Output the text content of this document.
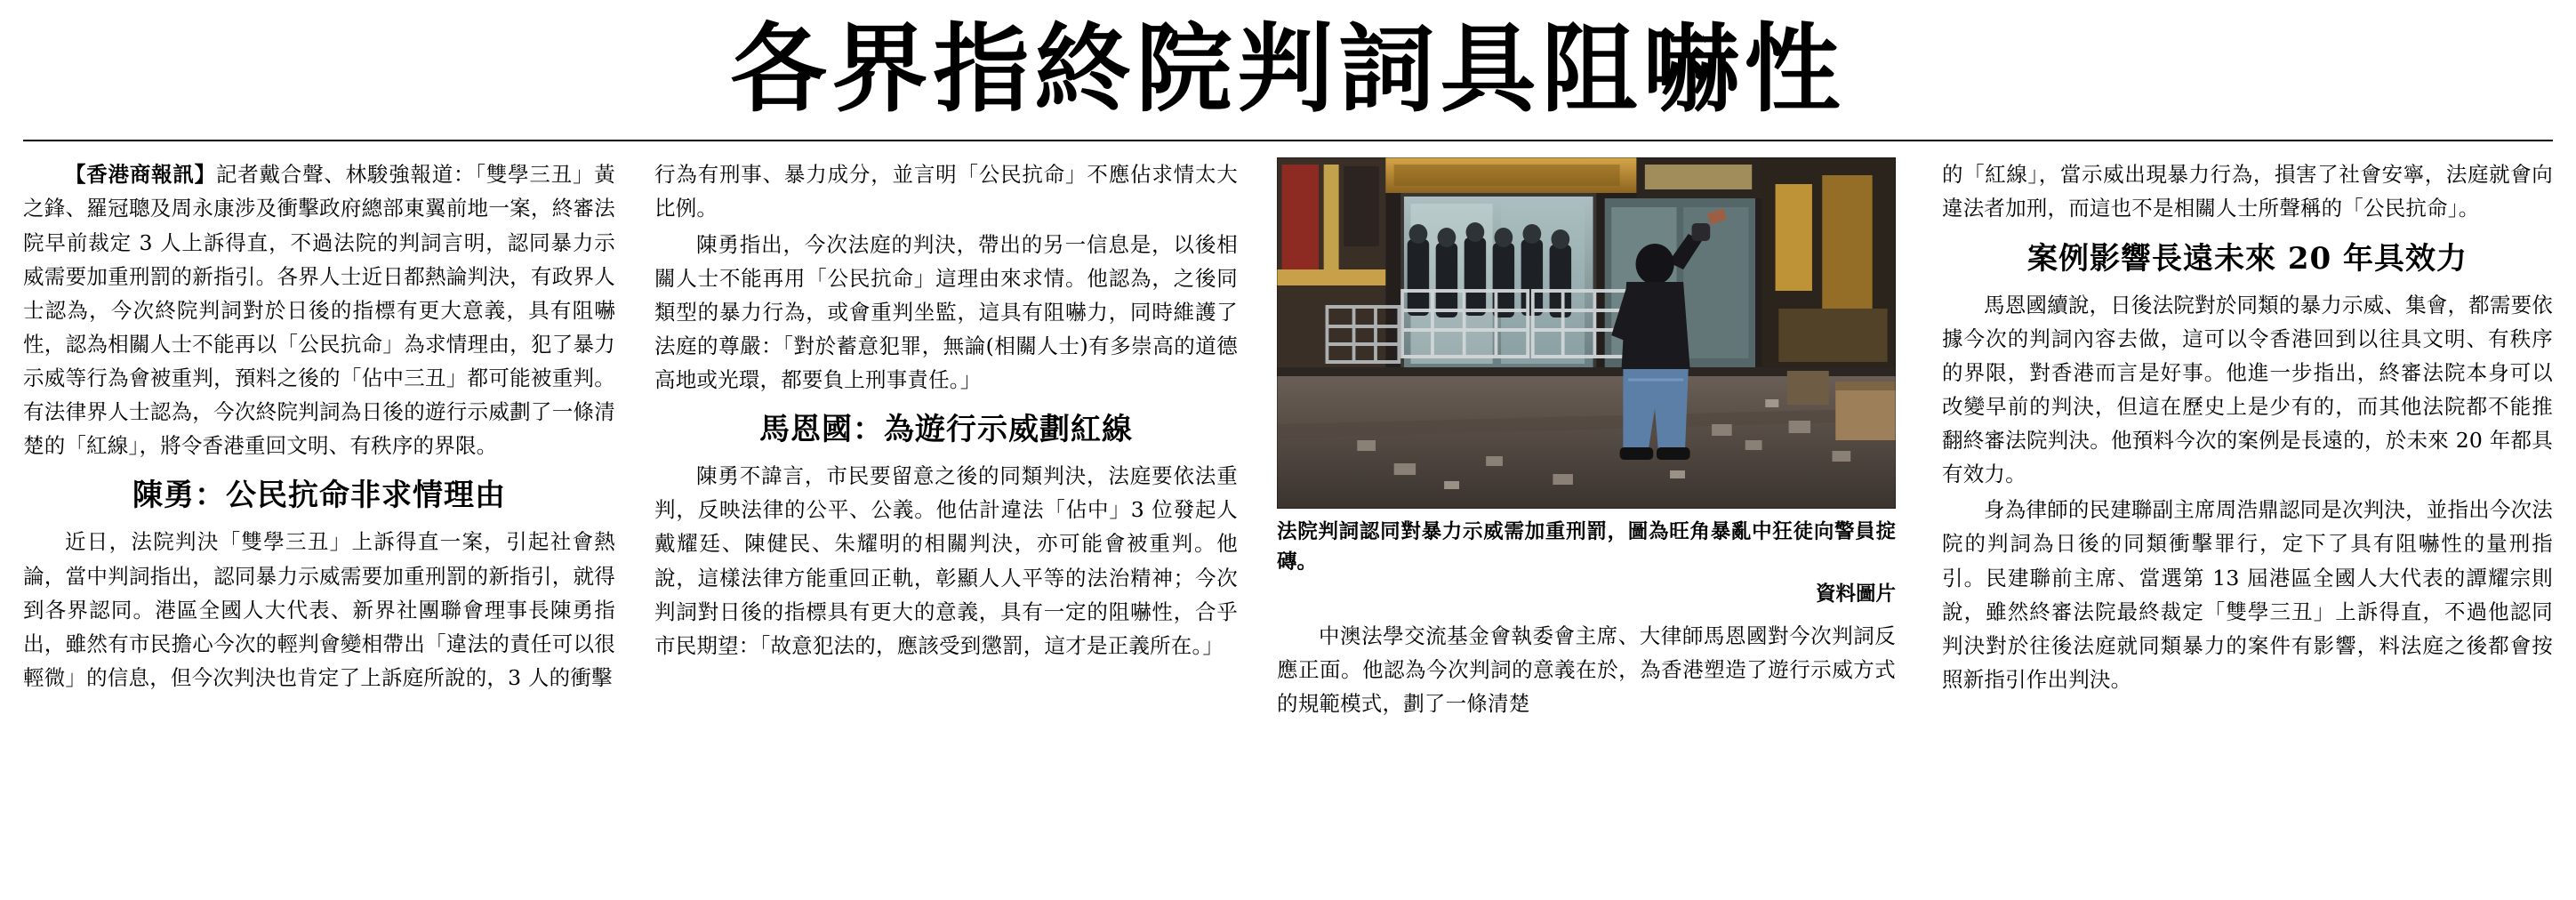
各界指終院判詞具阻嚇性

【香港商報訊】記者戴合聲、林駿強報道：「雙學三丑」黃之鋒、羅冠聰及周永康涉及衝擊政府總部東翼前地一案，終審法院早前裁定 3 人上訴得直，不過法院的判詞言明，認同暴力示威需要加重刑罰的新指引。各界人士近日都熱論判決，有政界人士認為，今次終院判詞對於日後的指標有更大意義，具有阻嚇性，認為相關人士不能再以「公民抗命」為求情理由，犯了暴力示威等行為會被重判，預料之後的「佔中三丑」都可能被重判。有法律界人士認為，今次終院判詞為日後的遊行示威劃了一條清楚的「紅線」，將令香港重回文明、有秩序的界限。

陳勇：公民抗命非求情理由

近日，法院判決「雙學三丑」上訴得直一案，引起社會熱論，當中判詞指出，認同暴力示威需要加重刑罰的新指引，就得到各界認同。港區全國人大代表、新界社團聯會理事長陳勇指出，雖然有市民擔心今次的輕判會變相帶出「違法的責任可以很輕微」的信息，但今次判決也肯定了上訴庭所說的，3 人的衝擊

行為有刑事、暴力成分，並言明「公民抗命」不應佔求情太大比例。

陳勇指出，今次法庭的判決，帶出的另一信息是，以後相關人士不能再用「公民抗命」這理由來求情。他認為，之後同類型的暴力行為，或會重判坐監，這具有阻嚇力，同時維護了法庭的尊嚴：「對於蓄意犯罪，無論(相關人士)有多崇高的道德高地或光環，都要負上刑事責任。」

馬恩國：為遊行示威劃紅線

陳勇不諱言，市民要留意之後的同類判決，法庭要依法重判，反映法律的公平、公義。他估計違法「佔中」3 位發起人戴耀廷、陳健民、朱耀明的相關判決，亦可能會被重判。他說，這樣法律方能重回正軌，彰顯人人平等的法治精神；今次判詞對日後的指標具有更大的意義，具有一定的阻嚇性，合乎市民期望：「故意犯法的，應該受到懲罰，這才是正義所在。」

法院判詞認同對暴力示威需加重刑罰，圖為旺角暴亂中狂徒向警員掟磚。

資料圖片

中澳法學交流基金會執委會主席、大律師馬恩國對今次判詞反應正面。他認為今次判詞的意義在於，為香港塑造了遊行示威方式的規範模式，劃了一條清楚

的「紅線」，當示威出現暴力行為，損害了社會安寧，法庭就會向違法者加刑，而這也不是相關人士所聲稱的「公民抗命」。

案例影響長遠未來 20 年具效力

馬恩國續說，日後法院對於同類的暴力示威、集會，都需要依據今次的判詞內容去做，這可以令香港回到以往具文明、有秩序的界限，對香港而言是好事。他進一步指出，終審法院本身可以改變早前的判決，但這在歷史上是少有的，而其他法院都不能推翻終審法院判決。他預料今次的案例是長遠的，於未來 20 年都具有效力。

身為律師的民建聯副主席周浩鼎認同是次判決，並指出今次法院的判詞為日後的同類衝擊罪行，定下了具有阻嚇性的量刑指引。民建聯前主席、當選第 13 屆港區全國人大代表的譚耀宗則說，雖然終審法院最終裁定「雙學三丑」上訴得直，不過他認同判決對於往後法庭就同類暴力的案件有影響，料法庭之後都會按照新指引作出判決。
